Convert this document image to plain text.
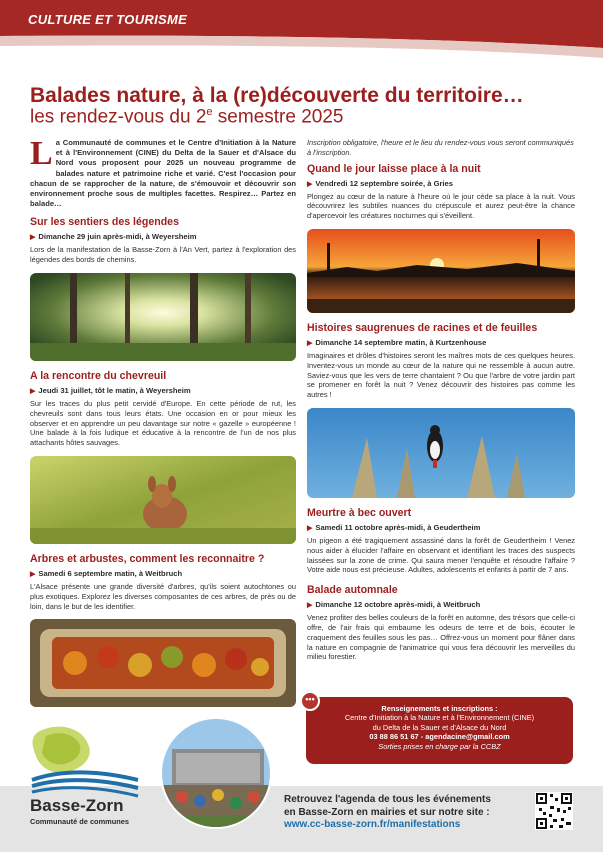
CULTURE ET TOURISME
Balades nature, à la (re)découverte du territoire…
les rendez-vous du 2e semestre 2025
La Communauté de communes et le Centre d'Initiation à la Nature et à l'Environnement (CINE) du Delta de la Sauer et d'Alsace du Nord vous proposent pour 2025 un nouveau programme de balades nature et patrimoine riche et varié. C'est l'occasion pour chacun de se rapprocher de la nature, de s'émouvoir et découvrir son environnement proche sous de multiples facettes. Respirez… Partez en balade…
Sur les sentiers des légendes
▶ Dimanche 29 juin après-midi, à Weyersheim
Lors de la manifestation de la Basse-Zorn à l'An Vert, partez à l'exploration des légendes des bords de chemins.
A la rencontre du chevreuil
▶ Jeudi 31 juillet, tôt le matin, à Weyersheim
Sur les traces du plus petit cervidé d'Europe. En cette période de rut, les chevreuils sont dans tous leurs états. Une occasion en or pour mieux les observer et en apprendre un peu davantage sur notre « gazelle » européenne ! Une balade à la fois ludique et éducative à la rencontre de l'un de nos plus attachants hôtes sauvages.
Arbres et arbustes, comment les reconnaitre ?
▶ Samedi 6 septembre matin, à Weitbruch
L'Alsace présente une grande diversité d'arbres, qu'ils soient autochtones ou plus exotiques. Explorez les diverses composantes de ces arbres, de près ou de loin, dans le but de les identifier.
Inscription obligatoire, l'heure et le lieu du rendez-vous vous seront communiqués à l'inscription.
Quand le jour laisse place à la nuit
▶ Vendredi 12 septembre soirée, à Gries
Plongez au cœur de la nature à l'heure où le jour cède sa place à la nuit. Vous découvrirez les subtiles nuances du crépuscule et aurez peut-être la chance d'apercevoir les créatures nocturnes qui s'éveillent.
Histoires saugrenues de racines et de feuilles
▶ Dimanche 14 septembre matin, à Kurtzenhouse
Imaginaires et drôles d'histoires seront les maîtres mots de ces quelques heures. Inventez-vous un monde au cœur de la nature qui ne ressemble à aucun autre. Saviez-vous que les vers de terre chantaient ? Ou que l'arbre de votre jardin part se promener en forêt la nuit ? Venez découvrir des histoires pas comme les autres !
Meurtre à bec ouvert
▶ Samedi 11 octobre après-midi, à Geudertheim
Un pigeon a été tragiquement assassiné dans la forêt de Geudertheim ! Venez nous aider à élucider l'affaire en observant et identifiant les traces des suspects laissées sur la zone de crime. Qui saura mener l'enquête et résoudre l'affaire ? Votre aide nous est précieuse. Adultes, adolescents et enfants à partir de 7 ans.
Balade automnale
▶ Dimanche 12 octobre après-midi, à Weitbruch
Venez profiter des belles couleurs de la forêt en automne, des trésors que celle-ci offre, de l'air frais qui embaume les odeurs de terre et de bois, écouter le craquement des feuilles sous les pas… Offrez-vous un moment pour flâner dans la nature en compagnie de l'animatrice qui vous fera découvrir les merveilles du milieu forestier.
•••
Renseignements et inscriptions :
Centre d'Initiation à la Nature et à l'Environnement (CINE)
du Delta de la Sauer et d'Alsace du Nord
03 88 86 51 67 - agendacine@gmail.com
Sorties prises en charge par la CCBZ
Basse-Zorn
Communauté de communes
Retrouvez l'agenda de tous les événements
en Basse-Zorn en mairies et sur notre site :
www.cc-basse-zorn.fr/manifestations
